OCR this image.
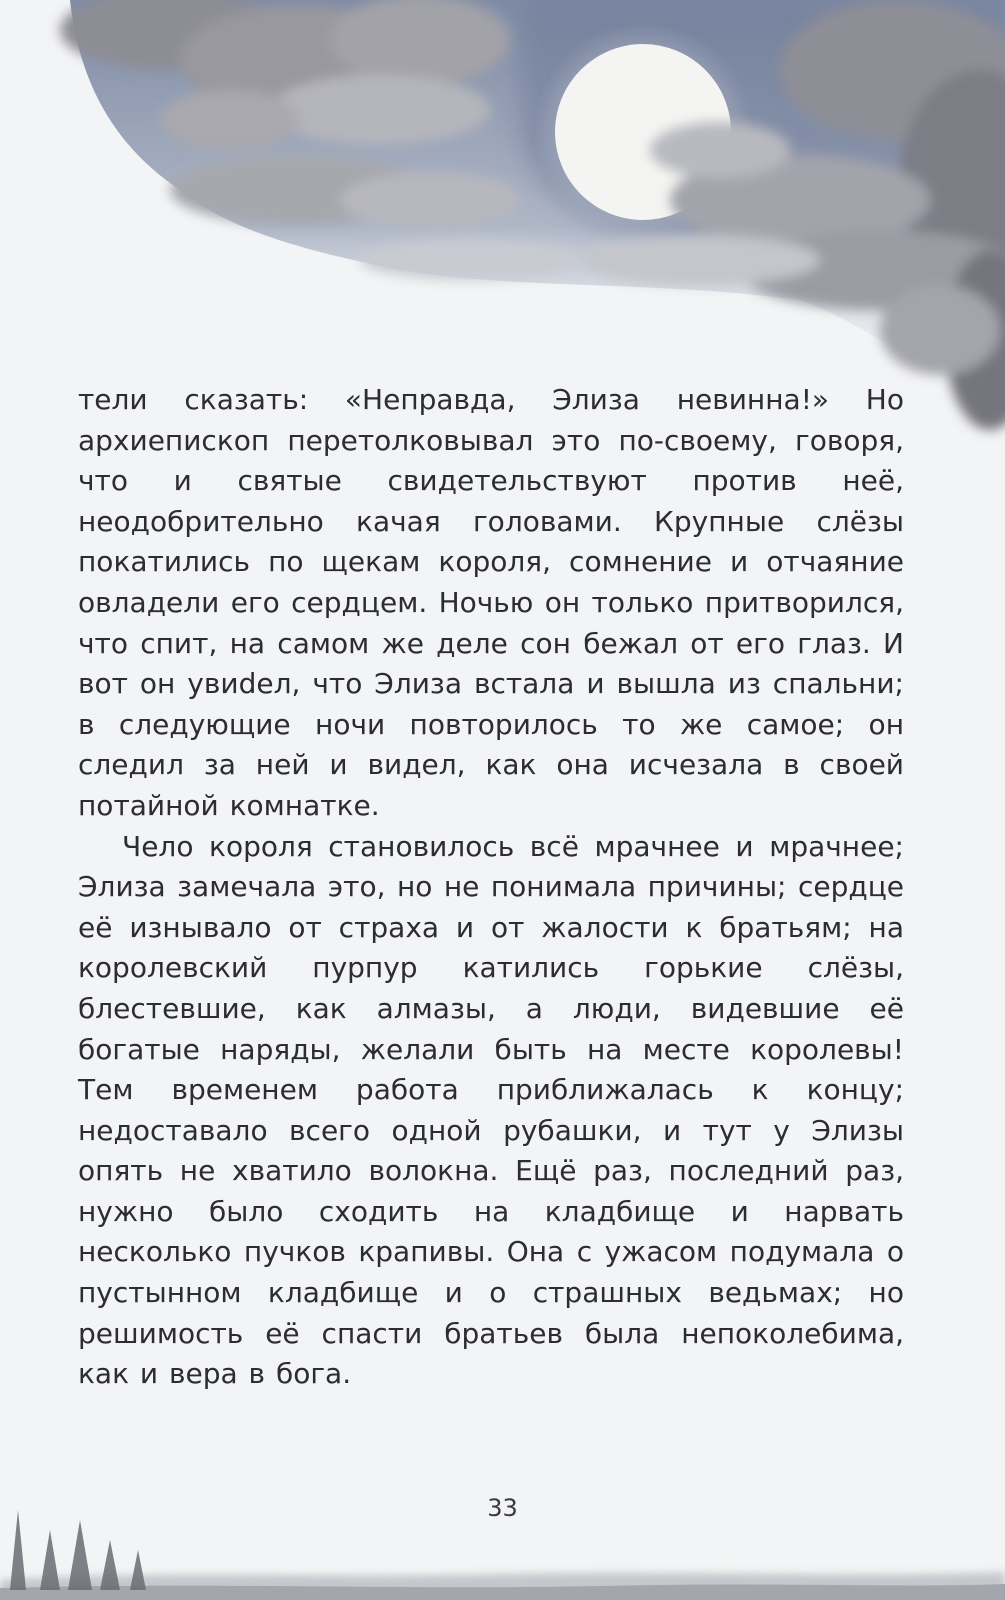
тели сказать: «Неправда, Элиза невинна!» Но архиепископ перетолковывал это по-своему, говоря, что и святые свидетельствуют против неё, неодобрительно качая головами. Крупные слёзы покатились по щекам короля, сомнение и отчаяние овладели его сердцем. Ночью он только притворился, что спит, на самом же деле сон бежал от его глаз. И вот он увиdел, что Элиза встала и вышла из спальни; в следующие ночи повторилось то же самое; он следил за ней и видел, как она исчезала в своей потайной комнатке.

Чело короля становилось всё мрачнее и мрачнее; Элиза замечала это, но не понимала причины; сердце её изнывало от страха и от жалости к братьям; на королевский пурпур катились горькие слёзы, блестевшие, как алмазы, а люди, видевшие её богатые наряды, желали быть на месте королевы! Тем временем работа приближалась к концу; недоставало всего одной рубашки, и тут у Элизы опять не хватило волокна. Ещё раз, последний раз, нужно было сходить на кладбище и нарвать несколько пучков крапивы. Она с ужасом подумала о пустынном кладбище и о страшных ведьмах; но решимость её спасти братьев была непоколебима, как и вера в бога.

33
